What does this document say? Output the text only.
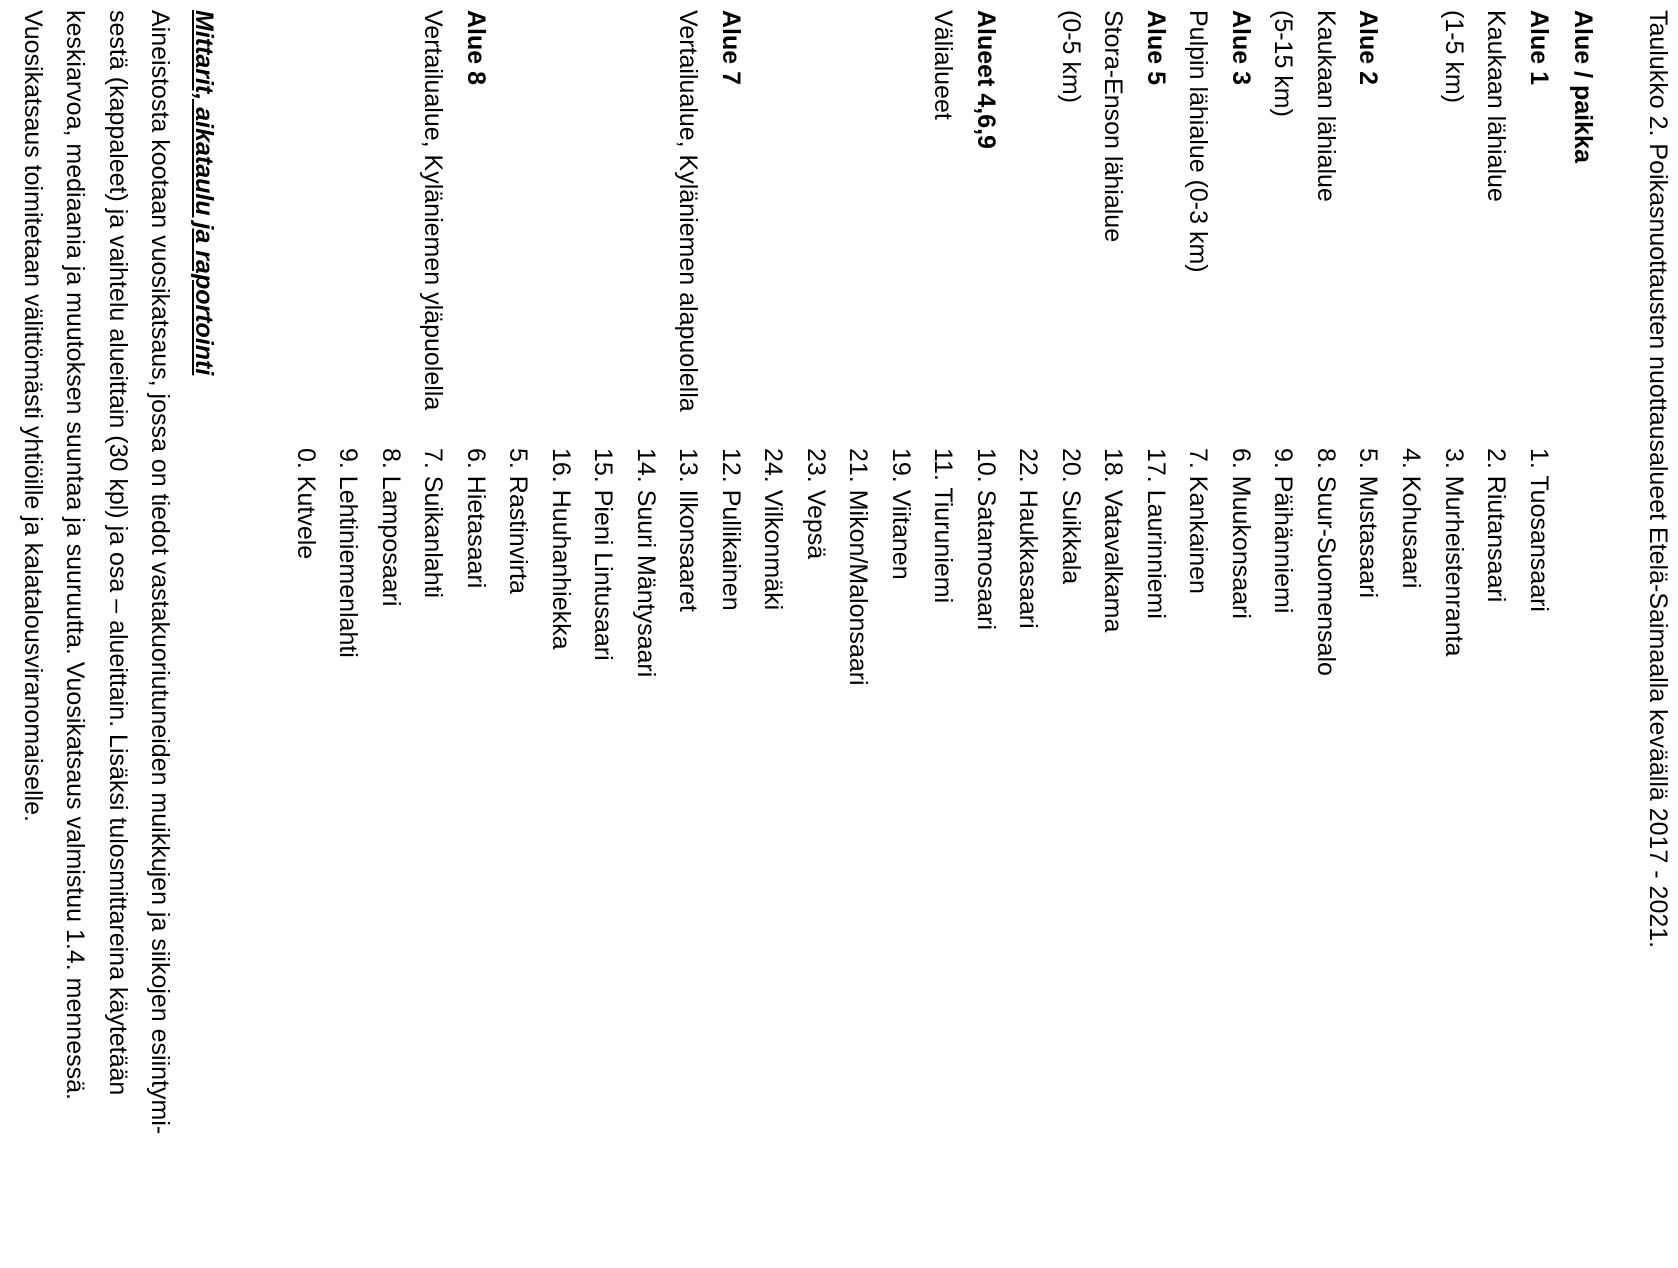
Taulukko 2. Poikasnuottausten nuottausalueet Etelä-Saimaalla keväällä 2017 - 2021.
Alue / paikka
Alue 1
Kaukaan lähialue
(1-5 km)
Alue 2
Kaukaan lähialue
(5-15 km)
Alue 3
Pulpin lähialue (0-3 km)
Alue 5
Stora-Enson lähialue
(0-5 km)
Alueet 4,6,9
Välialueet
Alue 7
Vertailualue, Kyläniemen alapuolella
Alue 8
Vertailualue, Kyläniemen yläpuolella
1. Tuosansaari
2. Riutansaari
3. Murheistenranta
4. Kohusaari
5. Mustasaari
8. Suur-Suomensalo
9. Päihänniemi
6. Muukonsaari
7. Kankainen
17. Laurinniemi
18. Vatavalkama
20. Suikkala
22. Haukkasaari
10. Satamosaari
11. Tiuruniemi
19. Viitanen
21. Mikon/Malonsaari
23. Vepsä
24. Vilkonmäki
12. Pullikainen
13. Ilkonsaaret
14. Suuri Mäntysaari
15. Pieni Lintusaari
16. Huuhanhiekka
5. Rastinvirta
6. Hietasaari
7. Suikanlahti
8. Lamposaari
9. Lehtiniemenlahti
0. Kutvele
Mittarit, aikataulu ja raportointi
Aineistosta kootaan vuosikatsaus, jossa on tiedot vastakuoriutuneiden muikkujen ja siikojen esiintymi-
sestä (kappaleet) ja vaihtelu alueittain (30 kpl) ja osa – alueittain. Lisäksi tulosmittareina käytetään
keskiarvoa, mediaania ja muutoksen suuntaa ja suuruutta. Vuosikatsaus valmistuu 1.4. mennessä.
Vuosikatsaus toimitetaan välittömästi yhtiöille ja kalatalousviranomaiselle.
